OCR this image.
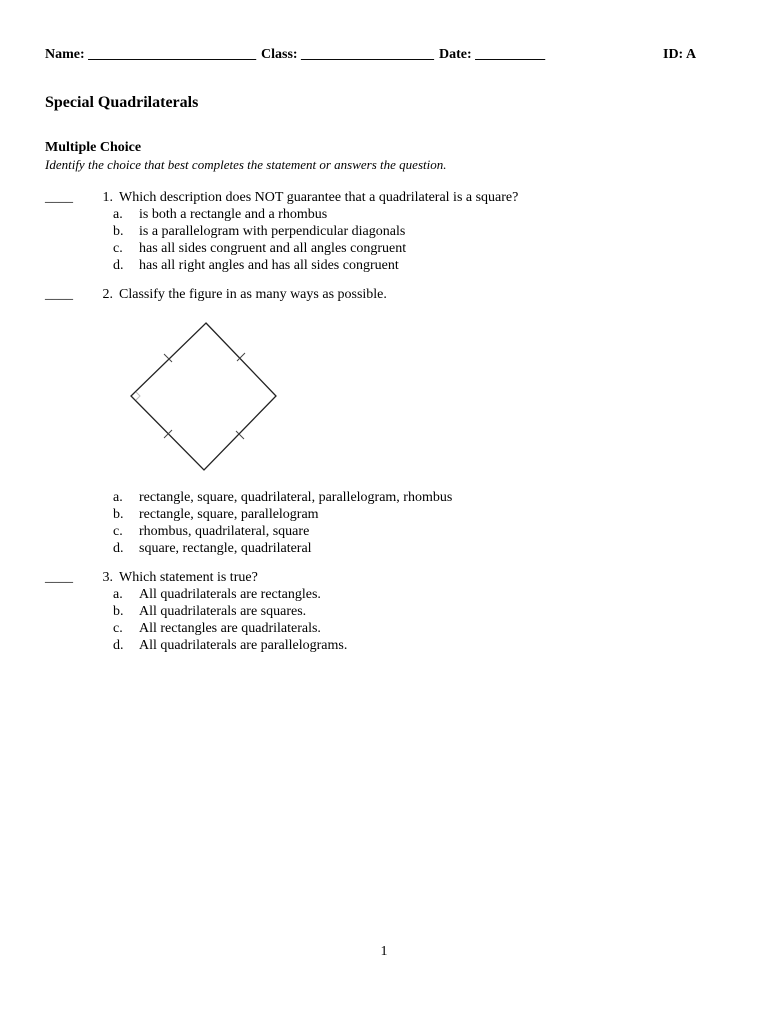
Name: ________________________ Class: ___________________ Date: __________	ID: A
Special Quadrilaterals
Multiple Choice
Identify the choice that best completes the statement or answers the question.
____ 1. Which description does NOT guarantee that a quadrilateral is a square?
a. is both a rectangle and a rhombus
b. is a parallelogram with perpendicular diagonals
c. has all sides congruent and all angles congruent
d. has all right angles and has all sides congruent
____ 2. Classify the figure in as many ways as possible.
a. rectangle, square, quadrilateral, parallelogram, rhombus
b. rectangle, square, parallelogram
c. rhombus, quadrilateral, square
d. square, rectangle, quadrilateral
____ 3. Which statement is true?
a. All quadrilaterals are rectangles.
b. All quadrilaterals are squares.
c. All rectangles are quadrilaterals.
d. All quadrilaterals are parallelograms.
1
